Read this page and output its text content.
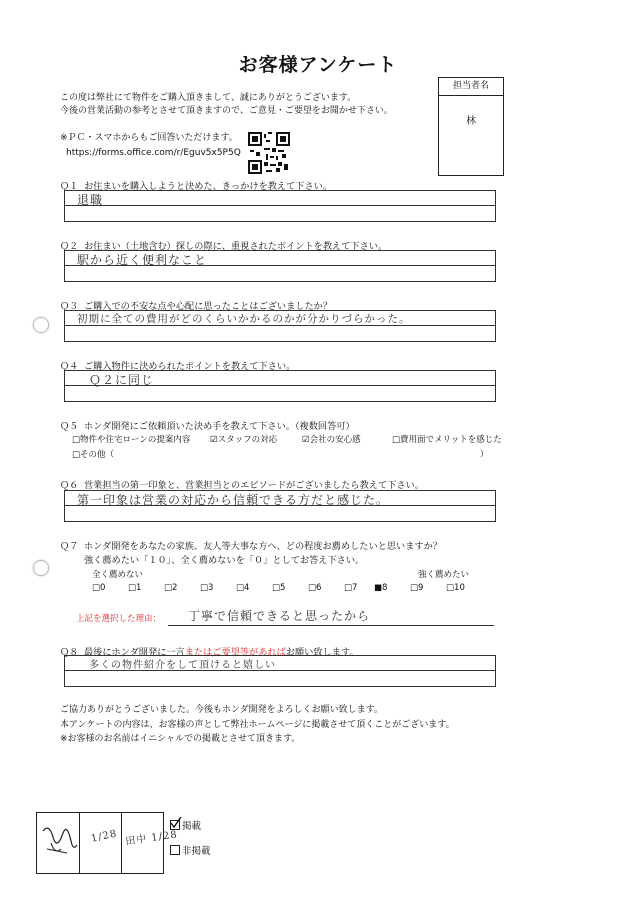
お客様アンケート
担当者名
林
この度は弊社にて物件をご購入頂きまして、誠にありがとうございます。
今後の営業活動の参考とさせて頂きますので、ご意見・ご要望をお聞かせ下さい。
※ＰＣ・スマホからもご回答いただけます。
https://forms.office.com/r/Eguv5x5P5Q
Ｑ１ お住まいを購入しようと決めた、きっかけを教えて下さい。
退職
Ｑ２ お住まい（土地含む）探しの際に、重視されたポイントを教えて下さい。
駅から近く便利なこと
Ｑ３ ご購入での不安な点や心配に思ったことはございましたか？
初期に全ての費用がどのくらいかかるのかが分かりづらかった。
Ｑ４ ご購入物件に決められたポイントを教えて下さい。
Ｑ２に同じ
Ｑ５ ホンダ開発にご依頼頂いた決め手を教えて下さい。（複数回答可）
□物件や住宅ローンの提案内容 ☑スタッフの対応	☑会社の安心感	□費用面でメリットを感じた
□その他（	）
Ｑ６ 営業担当の第一印象と、営業担当とのエピソードがございましたら教えて下さい。
第一印象は営業の対応から信頼できる方だと感じた。
Ｑ７ ホンダ開発をあなたの家族、友人等大事な方へ、どの程度お薦めしたいと思いますか？
強く薦めたい「１０」、全く薦めないを「０」としてお答え下さい。
全く薦めない	強く薦めたい
□0	□1	□2	□3	□4	□5	□6	□7 ■8	□9	□10
上記を選択した理由： 丁寧で信頼できると思ったから
Ｑ８ 最後にホンダ開発に一言またはご要望等があればお願い致します。
多くの物件紹介をして頂けると嬉しい
ご協力ありがとうございました。今後もホンダ開発をよろしくお願い致します。
本アンケートの内容は、お客様の声として弊社ホームページに掲載させて頂くことがございます。
※お客様のお名前はイニシャルでの掲載とさせて頂きます。
1/28 田中 1/28
掲載
非掲載
